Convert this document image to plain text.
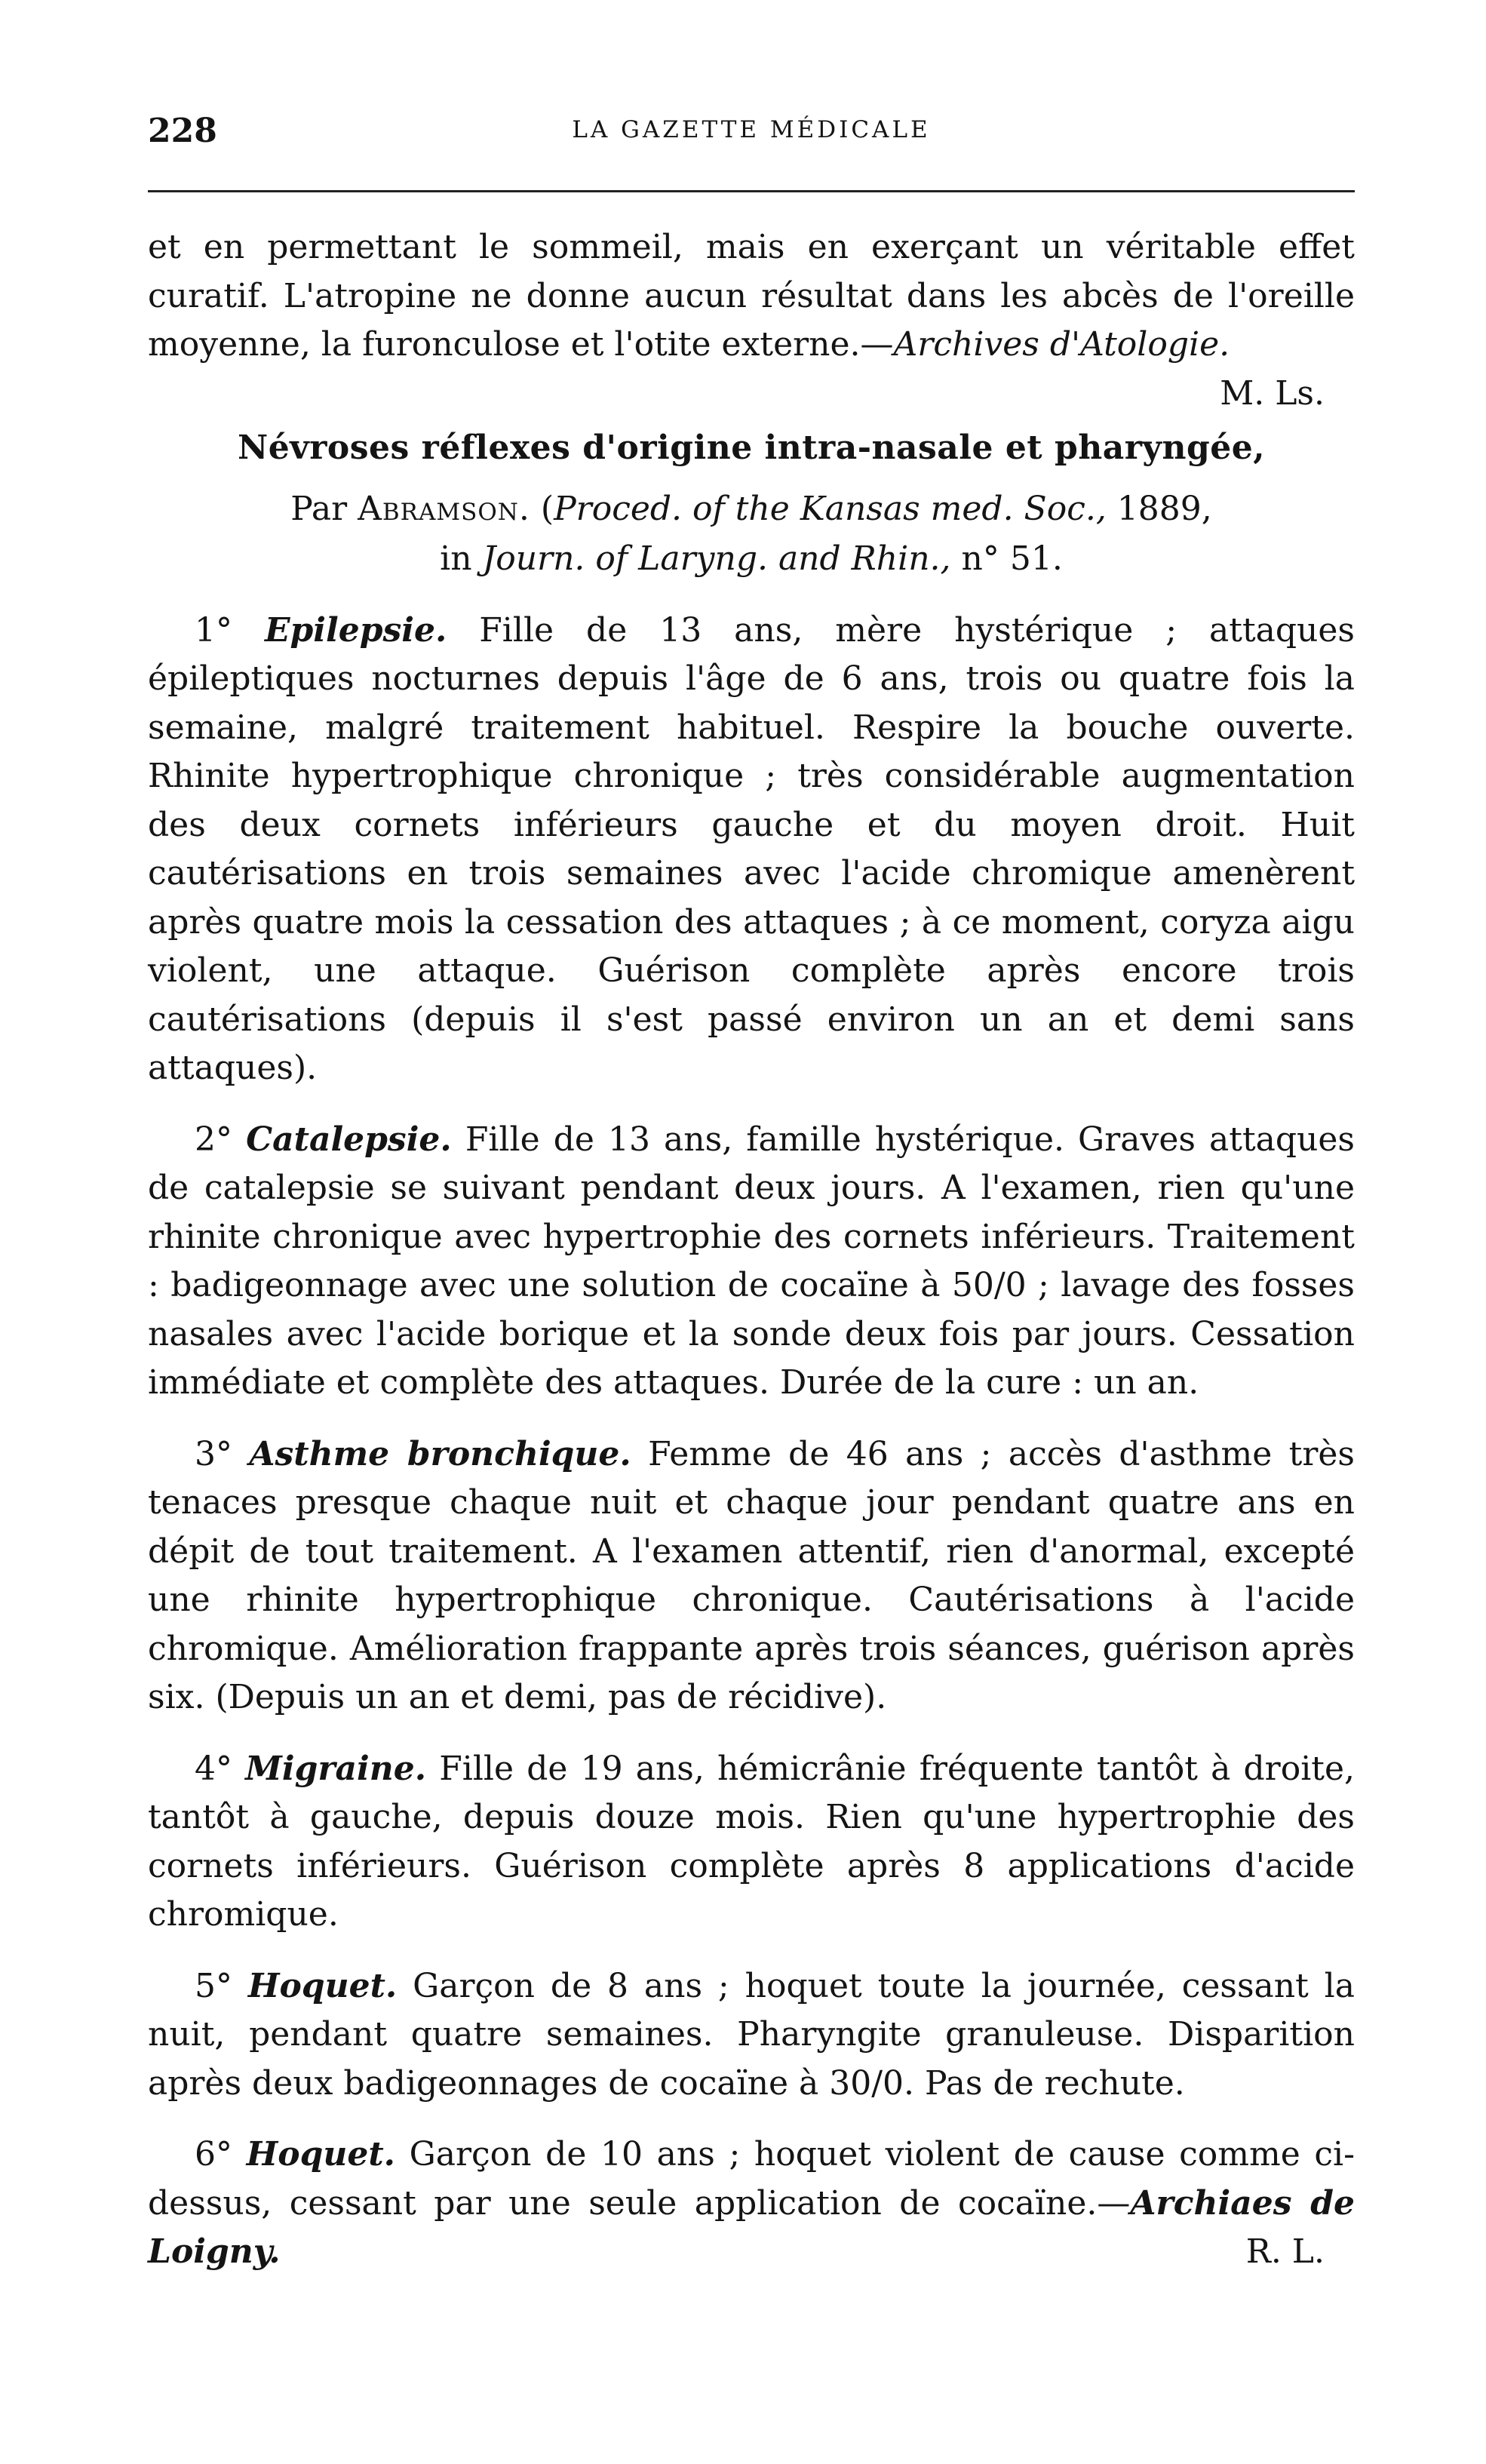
228	LA GAZETTE MÉDICALE

et en permettant le sommeil, mais en exerçant un véritable effet curatif. L'atropine ne donne aucun résultat dans les abcès de l'oreille moyenne, la furonculose et l'otite externe.—Archives d'Atologie.
M. Ls.

Névroses réflexes d'origine intra-nasale et pharyngée,
Par Abramson. (Proced. of the Kansas med. Soc., 1889,
in Journ. of Laryng. and Rhin., n° 51.

1° Epilepsie. Fille de 13 ans, mère hystérique ; attaques épileptiques nocturnes depuis l'âge de 6 ans, trois ou quatre fois la semaine, malgré traitement habituel. Respire la bouche ouverte. Rhinite hypertrophique chronique ; très considérable augmentation des deux cornets inférieurs gauche et du moyen droit. Huit cautérisations en trois semaines avec l'acide chromique amenèrent après quatre mois la cessation des attaques ; à ce moment, coryza aigu violent, une attaque. Guérison complète après encore trois cautérisations (depuis il s'est passé environ un an et demi sans attaques).

2° Catalepsie. Fille de 13 ans, famille hystérique. Graves attaques de catalepsie se suivant pendant deux jours. A l'examen, rien qu'une rhinite chronique avec hypertrophie des cornets inférieurs. Traitement : badigeonnage avec une solution de cocaïne à 50/0 ; lavage des fosses nasales avec l'acide borique et la sonde deux fois par jours. Cessation immédiate et complète des attaques. Durée de la cure : un an.

3° Asthme bronchique. Femme de 46 ans ; accès d'asthme très tenaces presque chaque nuit et chaque jour pendant quatre ans en dépit de tout traitement. A l'examen attentif, rien d'anormal, excepté une rhinite hypertrophique chronique. Cautérisations à l'acide chromique. Amélioration frappante après trois séances, guérison après six. (Depuis un an et demi, pas de récidive).

4° Migraine. Fille de 19 ans, hémicrânie fréquente tantôt à droite, tantôt à gauche, depuis douze mois. Rien qu'une hypertrophie des cornets inférieurs. Guérison complète après 8 applications d'acide chromique.

5° Hoquet. Garçon de 8 ans ; hoquet toute la journée, cessant la nuit, pendant quatre semaines. Pharyngite granuleuse. Disparition après deux badigeonnages de cocaïne à 30/0. Pas de rechute.

6° Hoquet. Garçon de 10 ans ; hoquet violent de cause comme ci-dessus, cessant par une seule application de cocaïne.—Archiaes de Loigny.	R. L.
